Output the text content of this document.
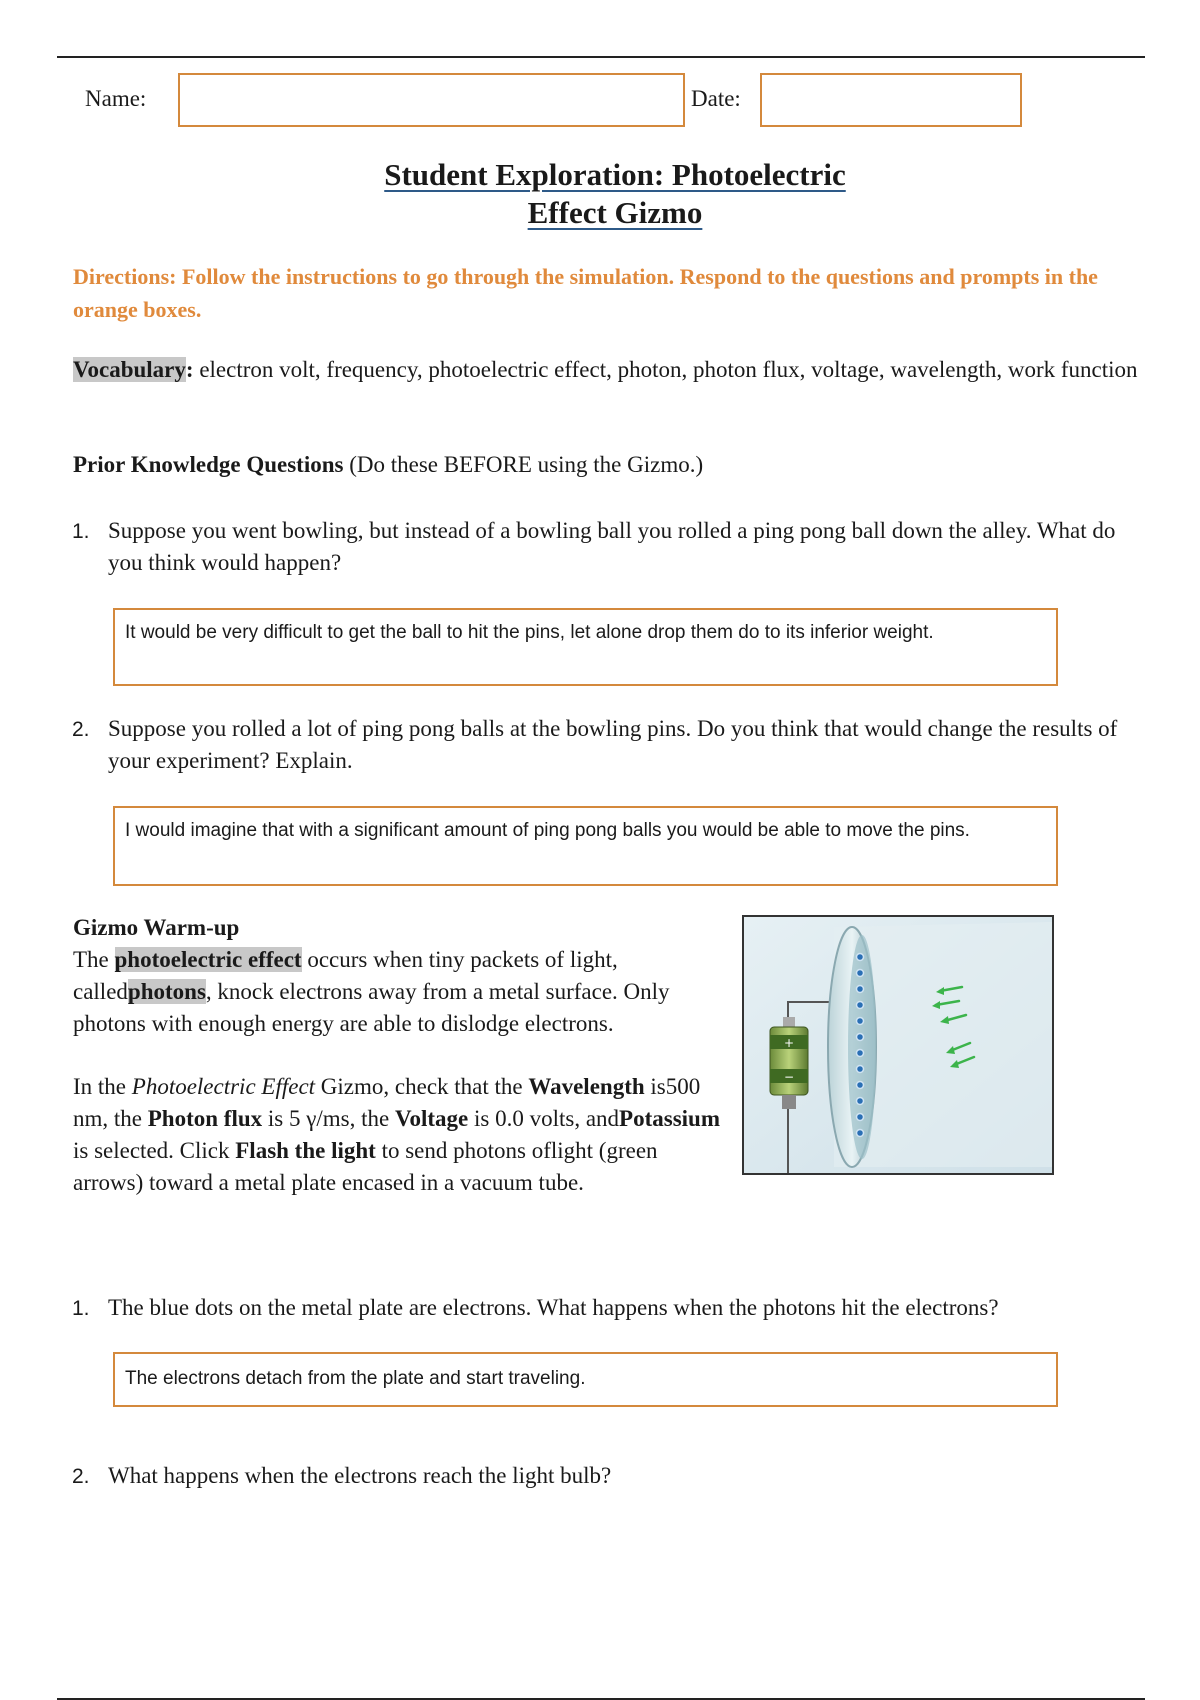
Name:	Date:
Student Exploration: Photoelectric
Effect Gizmo
Directions: Follow the instructions to go through the simulation. Respond to the questions and prompts in the orange boxes.
Vocabulary: electron volt, frequency, photoelectric effect, photon, photon flux, voltage, wavelength, work function
Prior Knowledge Questions (Do these BEFORE using the Gizmo.)
1. Suppose you went bowling, but instead of a bowling ball you rolled a ping pong ball down the alley. What do you think would happen?
It would be very difficult to get the ball to hit the pins, let alone drop them do to its inferior weight.
2. Suppose you rolled a lot of ping pong balls at the bowling pins. Do you think that would change the results of your experiment? Explain.
I would imagine that with a significant amount of ping pong balls you would be able to move the pins.
Gizmo Warm-up
The photoelectric effect occurs when tiny packets of light, calledphotons, knock electrons away from a metal surface. Only photons with enough energy are able to dislodge electrons.
In the Photoelectric Effect Gizmo, check that the Wavelength is500 nm, the Photon flux is 5 γ/ms, the Voltage is 0.0 volts, andPotassium is selected. Click Flash the light to send photons oflight (green arrows) toward a metal plate encased in a vacuum tube.
+
−
1. The blue dots on the metal plate are electrons. What happens when the photons hit the electrons?
The electrons detach from the plate and start traveling.
2. What happens when the electrons reach the light bulb?
